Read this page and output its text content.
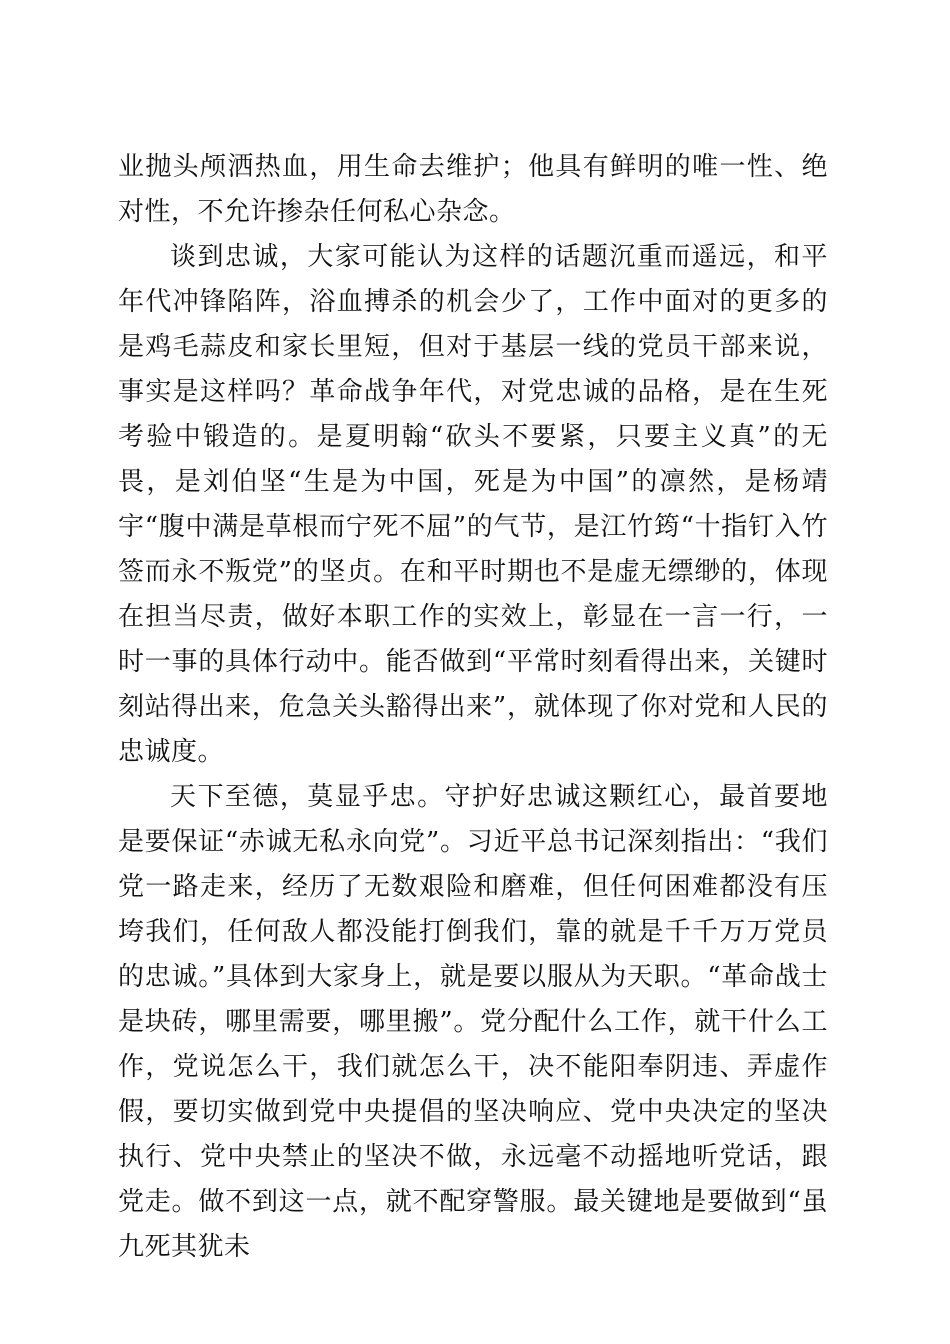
业抛头颅洒热血，用生命去维护；他具有鲜明的唯一性、绝对性，不允许掺杂任何私心杂念。

谈到忠诚，大家可能认为这样的话题沉重而遥远，和平年代冲锋陷阵，浴血搏杀的机会少了，工作中面对的更多的是鸡毛蒜皮和家长里短，但对于基层一线的党员干部来说，事实是这样吗？革命战争年代，对党忠诚的品格，是在生死考验中锻造的。是夏明翰“砍头不要紧，只要主义真”的无畏，是刘伯坚“生是为中国，死是为中国”的凛然，是杨靖宇“腹中满是草根而宁死不屈”的气节，是江竹筠“十指钉入竹签而永不叛党”的坚贞。在和平时期也不是虚无缥缈的，体现在担当尽责，做好本职工作的实效上，彰显在一言一行，一时一事的具体行动中。能否做到“平常时刻看得出来，关键时刻站得出来，危急关头豁得出来”，就体现了你对党和人民的忠诚度。

天下至德，莫显乎忠。守护好忠诚这颗红心，最首要地是要保证“赤诚无私永向党”。习近平总书记深刻指出：“我们党一路走来，经历了无数艰险和磨难，但任何困难都没有压垮我们，任何敌人都没能打倒我们，靠的就是千千万万党员的忠诚。”具体到大家身上，就是要以服从为天职。“革命战士是块砖，哪里需要，哪里搬”。党分配什么工作，就干什么工作，党说怎么干，我们就怎么干，决不能阳奉阴违、弄虚作假，要切实做到党中央提倡的坚决响应、党中央决定的坚决执行、党中央禁止的坚决不做，永远毫不动摇地听党话，跟党走。做不到这一点，就不配穿警服。最关键地是要做到“虽九死其犹未
